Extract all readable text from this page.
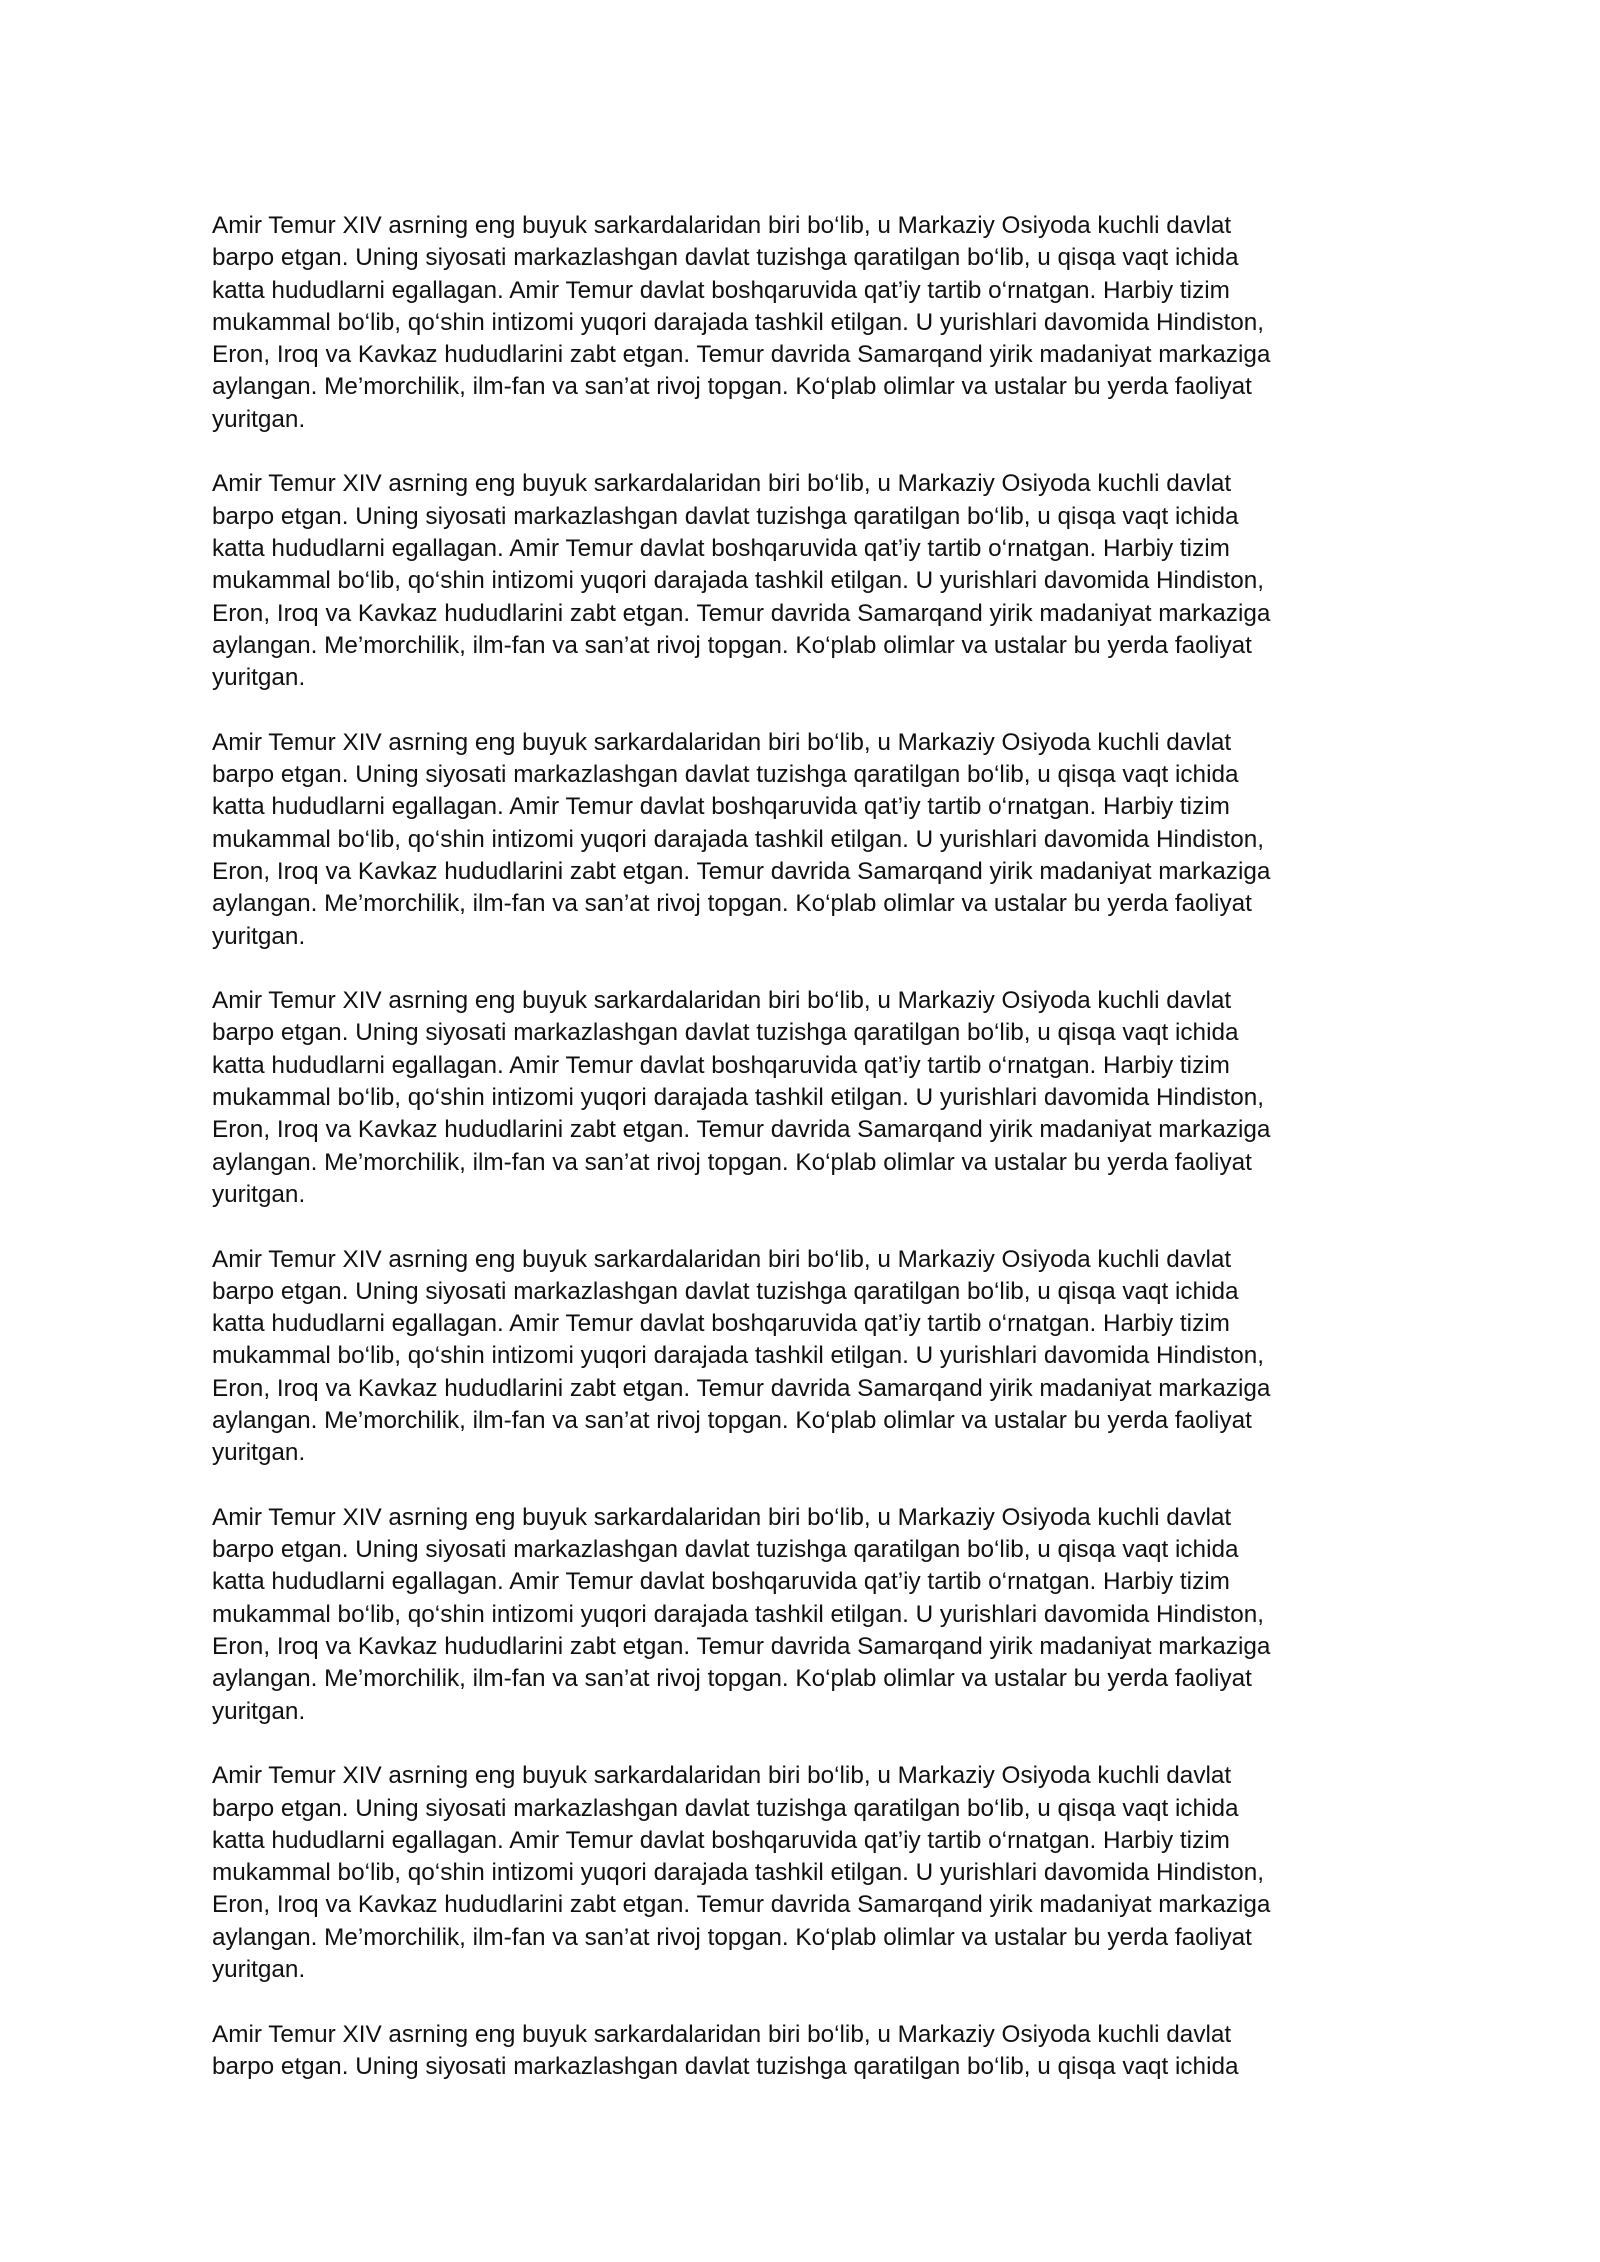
Amir Temur XIV asrning eng buyuk sarkardalaridan biri bo‘lib, u Markaziy Osiyoda kuchli davlat
barpo etgan. Uning siyosati markazlashgan davlat tuzishga qaratilgan bo‘lib, u qisqa vaqt ichida
katta hududlarni egallagan. Amir Temur davlat boshqaruvida qat’iy tartib o‘rnatgan. Harbiy tizim
mukammal bo‘lib, qo‘shin intizomi yuqori darajada tashkil etilgan. U yurishlari davomida Hindiston,
Eron, Iroq va Kavkaz hududlarini zabt etgan. Temur davrida Samarqand yirik madaniyat markaziga
aylangan. Me’morchilik, ilm-fan va san’at rivoj topgan. Ko‘plab olimlar va ustalar bu yerda faoliyat
yuritgan.

Amir Temur XIV asrning eng buyuk sarkardalaridan biri bo‘lib, u Markaziy Osiyoda kuchli davlat
barpo etgan. Uning siyosati markazlashgan davlat tuzishga qaratilgan bo‘lib, u qisqa vaqt ichida
katta hududlarni egallagan. Amir Temur davlat boshqaruvida qat’iy tartib o‘rnatgan. Harbiy tizim
mukammal bo‘lib, qo‘shin intizomi yuqori darajada tashkil etilgan. U yurishlari davomida Hindiston,
Eron, Iroq va Kavkaz hududlarini zabt etgan. Temur davrida Samarqand yirik madaniyat markaziga
aylangan. Me’morchilik, ilm-fan va san’at rivoj topgan. Ko‘plab olimlar va ustalar bu yerda faoliyat
yuritgan.

Amir Temur XIV asrning eng buyuk sarkardalaridan biri bo‘lib, u Markaziy Osiyoda kuchli davlat
barpo etgan. Uning siyosati markazlashgan davlat tuzishga qaratilgan bo‘lib, u qisqa vaqt ichida
katta hududlarni egallagan. Amir Temur davlat boshqaruvida qat’iy tartib o‘rnatgan. Harbiy tizim
mukammal bo‘lib, qo‘shin intizomi yuqori darajada tashkil etilgan. U yurishlari davomida Hindiston,
Eron, Iroq va Kavkaz hududlarini zabt etgan. Temur davrida Samarqand yirik madaniyat markaziga
aylangan. Me’morchilik, ilm-fan va san’at rivoj topgan. Ko‘plab olimlar va ustalar bu yerda faoliyat
yuritgan.

Amir Temur XIV asrning eng buyuk sarkardalaridan biri bo‘lib, u Markaziy Osiyoda kuchli davlat
barpo etgan. Uning siyosati markazlashgan davlat tuzishga qaratilgan bo‘lib, u qisqa vaqt ichida
katta hududlarni egallagan. Amir Temur davlat boshqaruvida qat’iy tartib o‘rnatgan. Harbiy tizim
mukammal bo‘lib, qo‘shin intizomi yuqori darajada tashkil etilgan. U yurishlari davomida Hindiston,
Eron, Iroq va Kavkaz hududlarini zabt etgan. Temur davrida Samarqand yirik madaniyat markaziga
aylangan. Me’morchilik, ilm-fan va san’at rivoj topgan. Ko‘plab olimlar va ustalar bu yerda faoliyat
yuritgan.

Amir Temur XIV asrning eng buyuk sarkardalaridan biri bo‘lib, u Markaziy Osiyoda kuchli davlat
barpo etgan. Uning siyosati markazlashgan davlat tuzishga qaratilgan bo‘lib, u qisqa vaqt ichida
katta hududlarni egallagan. Amir Temur davlat boshqaruvida qat’iy tartib o‘rnatgan. Harbiy tizim
mukammal bo‘lib, qo‘shin intizomi yuqori darajada tashkil etilgan. U yurishlari davomida Hindiston,
Eron, Iroq va Kavkaz hududlarini zabt etgan. Temur davrida Samarqand yirik madaniyat markaziga
aylangan. Me’morchilik, ilm-fan va san’at rivoj topgan. Ko‘plab olimlar va ustalar bu yerda faoliyat
yuritgan.

Amir Temur XIV asrning eng buyuk sarkardalaridan biri bo‘lib, u Markaziy Osiyoda kuchli davlat
barpo etgan. Uning siyosati markazlashgan davlat tuzishga qaratilgan bo‘lib, u qisqa vaqt ichida
katta hududlarni egallagan. Amir Temur davlat boshqaruvida qat’iy tartib o‘rnatgan. Harbiy tizim
mukammal bo‘lib, qo‘shin intizomi yuqori darajada tashkil etilgan. U yurishlari davomida Hindiston,
Eron, Iroq va Kavkaz hududlarini zabt etgan. Temur davrida Samarqand yirik madaniyat markaziga
aylangan. Me’morchilik, ilm-fan va san’at rivoj topgan. Ko‘plab olimlar va ustalar bu yerda faoliyat
yuritgan.

Amir Temur XIV asrning eng buyuk sarkardalaridan biri bo‘lib, u Markaziy Osiyoda kuchli davlat
barpo etgan. Uning siyosati markazlashgan davlat tuzishga qaratilgan bo‘lib, u qisqa vaqt ichida
katta hududlarni egallagan. Amir Temur davlat boshqaruvida qat’iy tartib o‘rnatgan. Harbiy tizim
mukammal bo‘lib, qo‘shin intizomi yuqori darajada tashkil etilgan. U yurishlari davomida Hindiston,
Eron, Iroq va Kavkaz hududlarini zabt etgan. Temur davrida Samarqand yirik madaniyat markaziga
aylangan. Me’morchilik, ilm-fan va san’at rivoj topgan. Ko‘plab olimlar va ustalar bu yerda faoliyat
yuritgan.

Amir Temur XIV asrning eng buyuk sarkardalaridan biri bo‘lib, u Markaziy Osiyoda kuchli davlat
barpo etgan. Uning siyosati markazlashgan davlat tuzishga qaratilgan bo‘lib, u qisqa vaqt ichida
